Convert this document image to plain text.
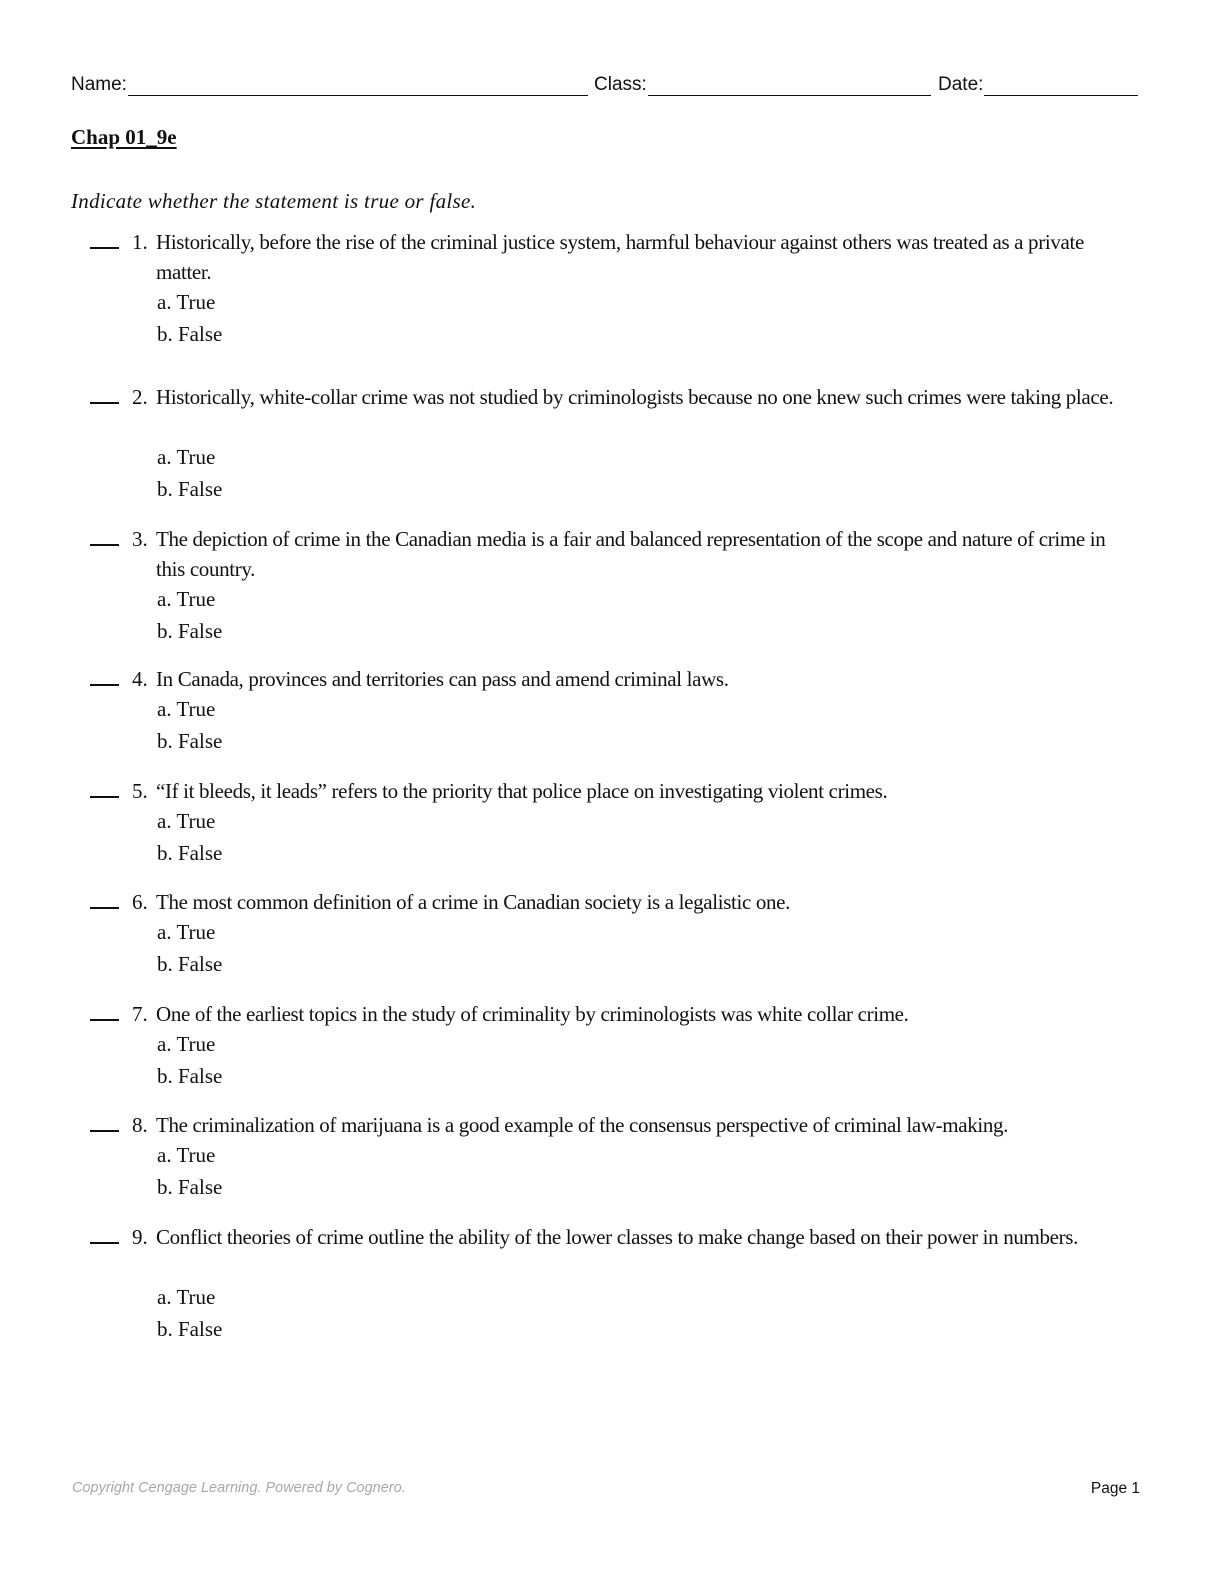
Name:	Class:	Date:
Chap 01_9e
Indicate whether the statement is true or false.
1. Historically, before the rise of the criminal justice system, harmful behaviour against others was treated as a private matter.
a. True
b. False
2. Historically, white-collar crime was not studied by criminologists because no one knew such crimes were taking place.
a. True
b. False
3. The depiction of crime in the Canadian media is a fair and balanced representation of the scope and nature of crime in this country.
a. True
b. False
4. In Canada, provinces and territories can pass and amend criminal laws.
a. True
b. False
5. “If it bleeds, it leads” refers to the priority that police place on investigating violent crimes.
a. True
b. False
6. The most common definition of a crime in Canadian society is a legalistic one.
a. True
b. False
7. One of the earliest topics in the study of criminality by criminologists was white collar crime.
a. True
b. False
8. The criminalization of marijuana is a good example of the consensus perspective of criminal law-making.
a. True
b. False
9. Conflict theories of crime outline the ability of the lower classes to make change based on their power in numbers.
a. True
b. False
Copyright Cengage Learning. Powered by Cognero.	Page 1
